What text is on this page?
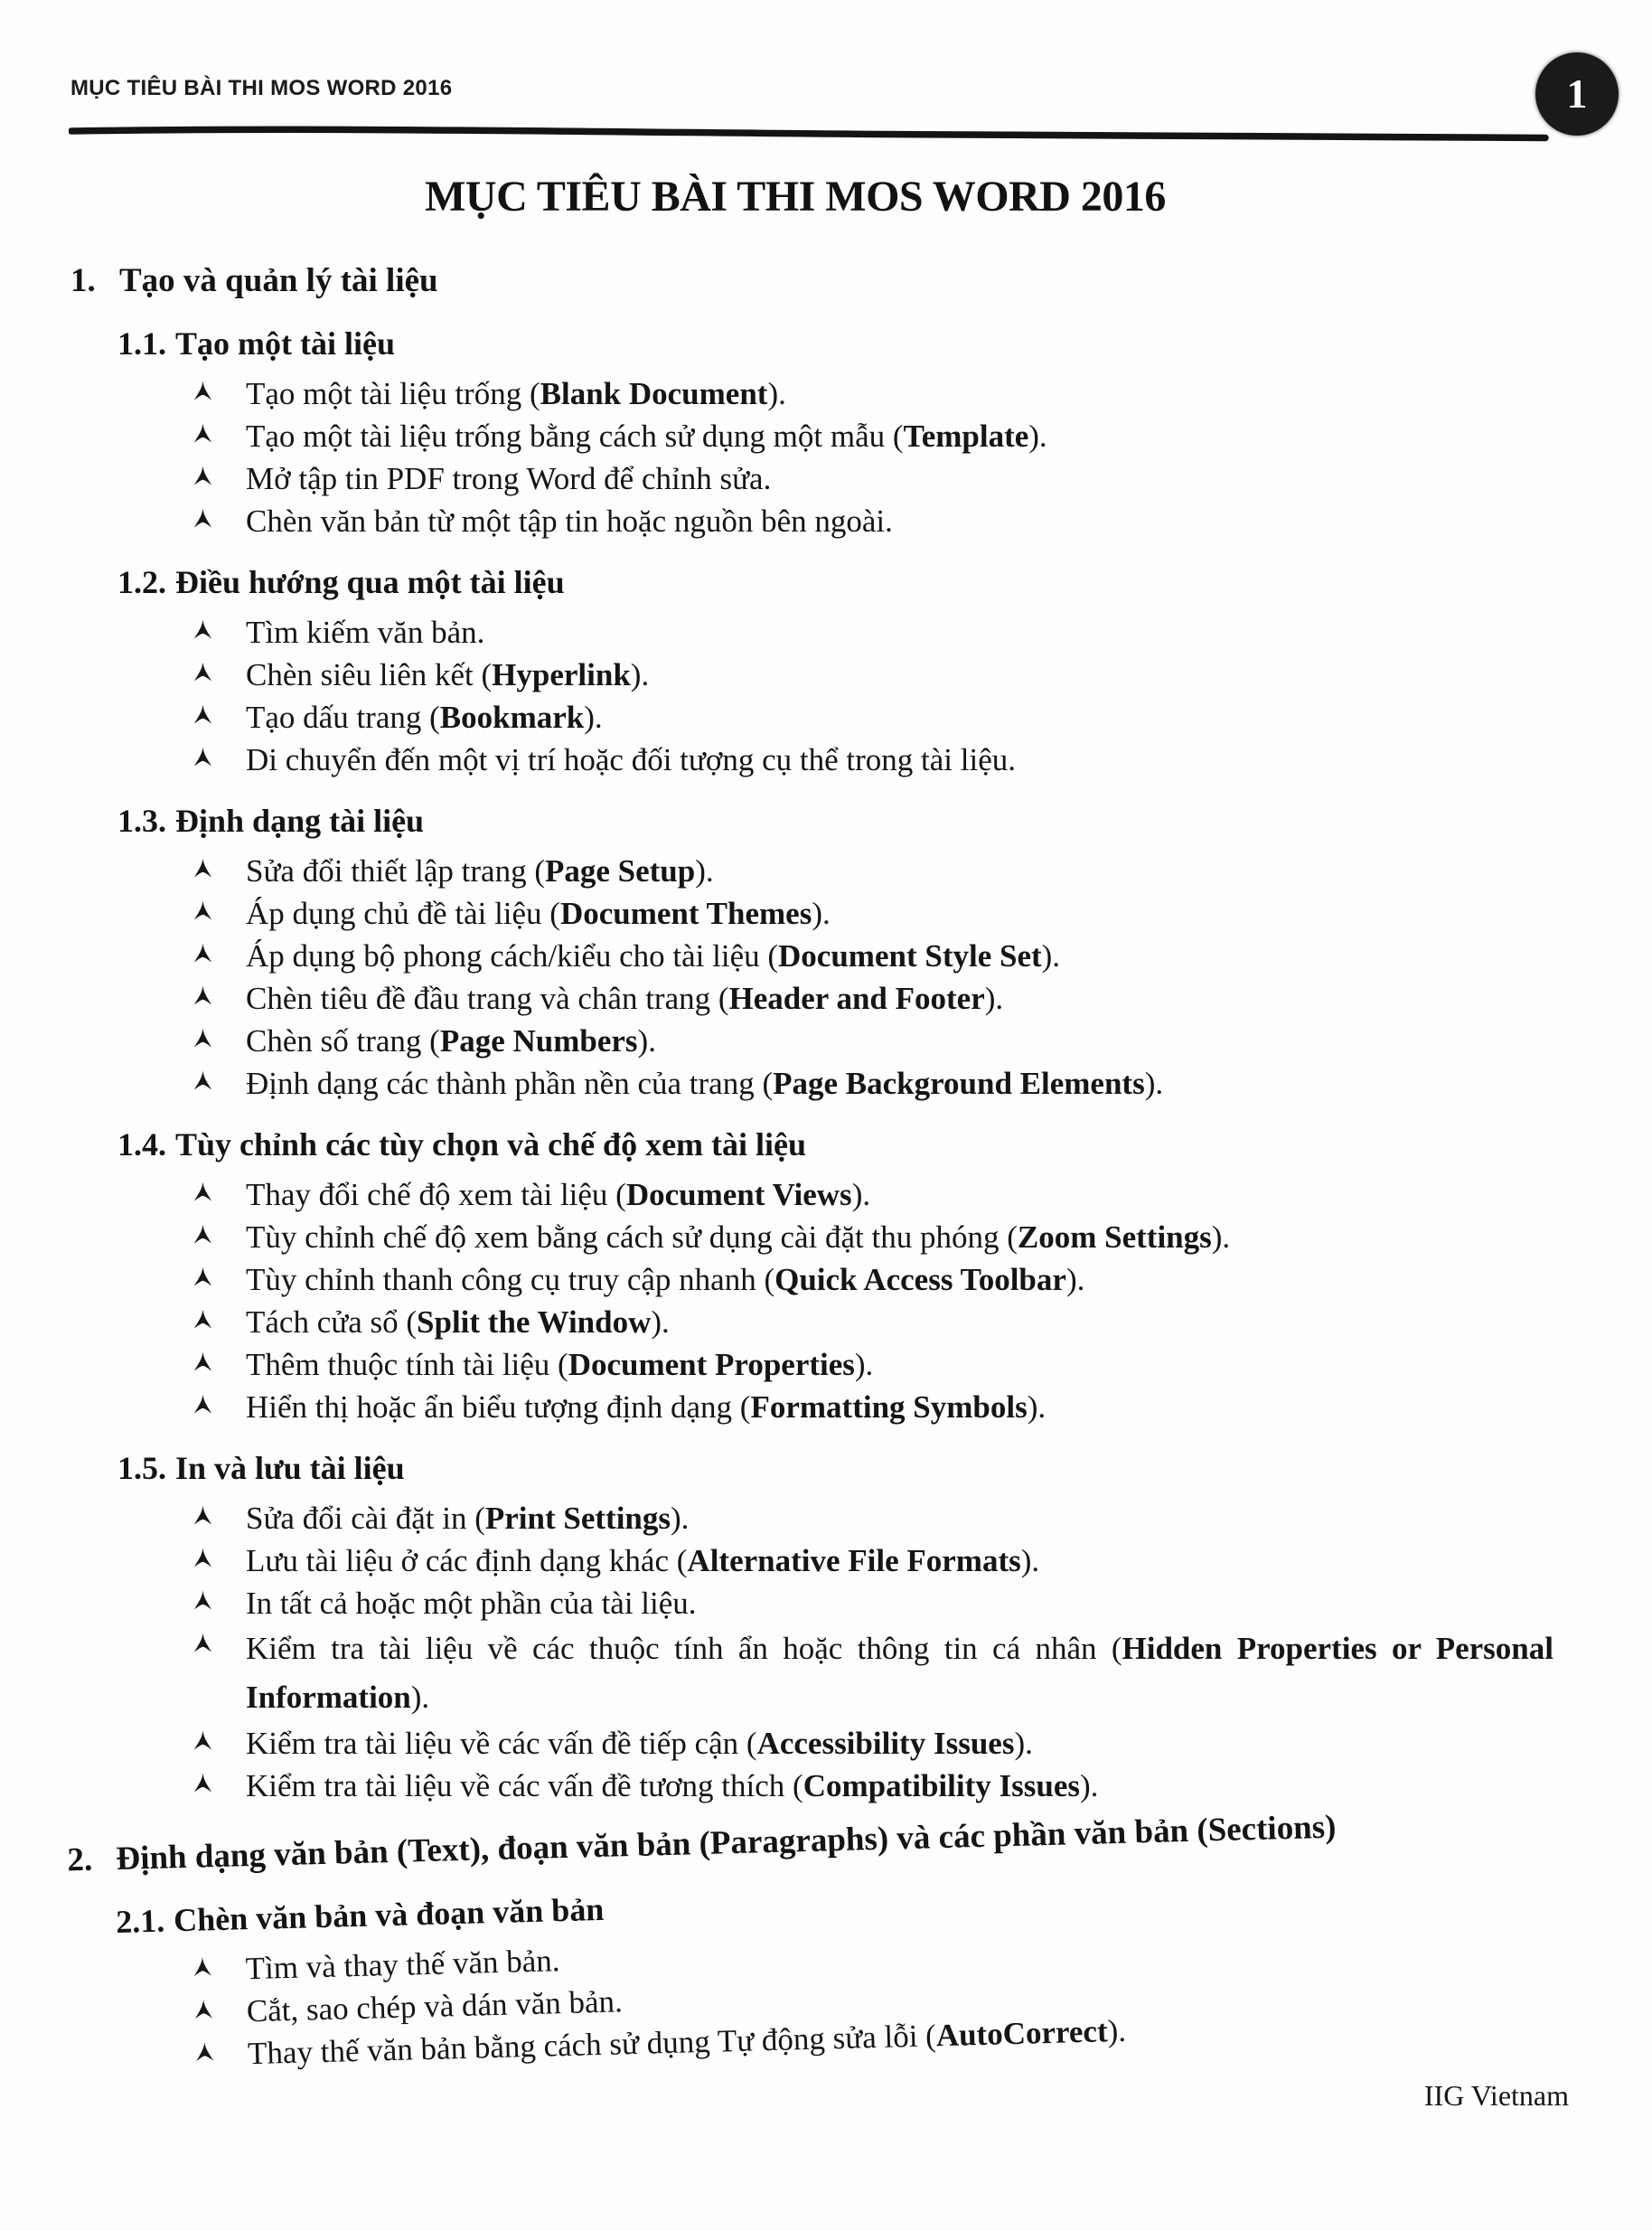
MỤC TIÊU BÀI THI MOS WORD 2016	1
MỤC TIÊU BÀI THI MOS WORD 2016
1. Tạo và quản lý tài liệu
1.1. Tạo một tài liệu
Tạo một tài liệu trống (Blank Document).
Tạo một tài liệu trống bằng cách sử dụng một mẫu (Template).
Mở tập tin PDF trong Word để chỉnh sửa.
Chèn văn bản từ một tập tin hoặc nguồn bên ngoài.
1.2. Điều hướng qua một tài liệu
Tìm kiếm văn bản.
Chèn siêu liên kết (Hyperlink).
Tạo dấu trang (Bookmark).
Di chuyển đến một vị trí hoặc đối tượng cụ thể trong tài liệu.
1.3. Định dạng tài liệu
Sửa đổi thiết lập trang (Page Setup).
Áp dụng chủ đề tài liệu (Document Themes).
Áp dụng bộ phong cách/kiểu cho tài liệu (Document Style Set).
Chèn tiêu đề đầu trang và chân trang (Header and Footer).
Chèn số trang (Page Numbers).
Định dạng các thành phần nền của trang (Page Background Elements).
1.4. Tùy chỉnh các tùy chọn và chế độ xem tài liệu
Thay đổi chế độ xem tài liệu (Document Views).
Tùy chỉnh chế độ xem bằng cách sử dụng cài đặt thu phóng (Zoom Settings).
Tùy chỉnh thanh công cụ truy cập nhanh (Quick Access Toolbar).
Tách cửa sổ (Split the Window).
Thêm thuộc tính tài liệu (Document Properties).
Hiển thị hoặc ẩn biểu tượng định dạng (Formatting Symbols).
1.5. In và lưu tài liệu
Sửa đổi cài đặt in (Print Settings).
Lưu tài liệu ở các định dạng khác (Alternative File Formats).
In tất cả hoặc một phần của tài liệu.
Kiểm tra tài liệu về các thuộc tính ẩn hoặc thông tin cá nhân (Hidden Properties or Personal Information).
Kiểm tra tài liệu về các vấn đề tiếp cận (Accessibility Issues).
Kiểm tra tài liệu về các vấn đề tương thích (Compatibility Issues).
2. Định dạng văn bản (Text), đoạn văn bản (Paragraphs) và các phần văn bản (Sections)
2.1. Chèn văn bản và đoạn văn bản
Tìm và thay thế văn bản.
Cắt, sao chép và dán văn bản.
Thay thế văn bản bằng cách sử dụng Tự động sửa lỗi (AutoCorrect).
IIG Vietnam
